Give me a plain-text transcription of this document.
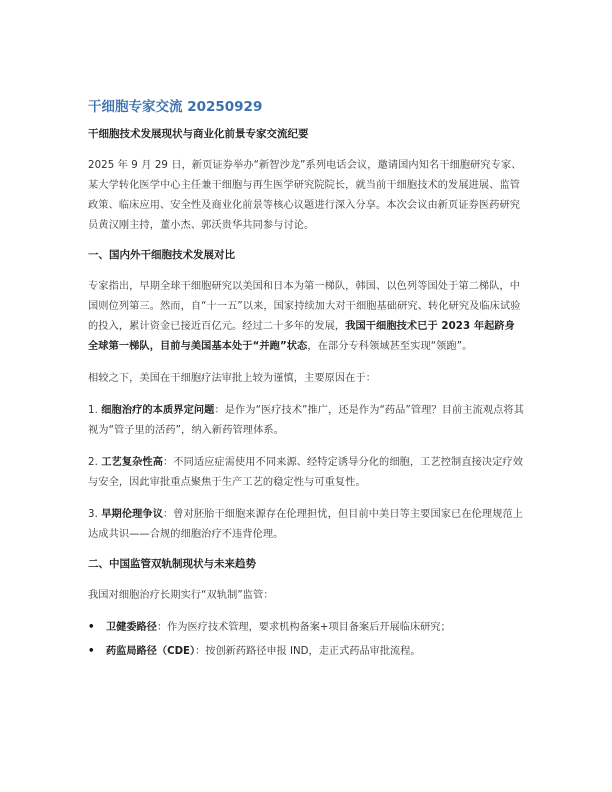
干细胞专家交流 20250929
干细胞技术发展现状与商业化前景专家交流纪要

2025 年 9 月 29 日，新页证券举办“新智沙龙”系列电话会议，邀请国内知名干细胞研究专家、某大学转化医学中心主任兼干细胞与再生医学研究院院长，就当前干细胞技术的发展进展、监管政策、临床应用、安全性及商业化前景等核心议题进行深入分享。本次会议由新页证券医药研究员黄汉刚主持，董小杰、郭沃贵华共同参与讨论。

一、国内外干细胞技术发展对比

专家指出，早期全球干细胞研究以美国和日本为第一梯队，韩国、以色列等国处于第二梯队，中国则位列第三。然而，自“十一五”以来，国家持续加大对干细胞基础研究、转化研究及临床试验的投入，累计资金已接近百亿元。经过二十多年的发展，我国干细胞技术已于 2023 年起跻身全球第一梯队，目前与美国基本处于“并跑”状态，在部分专科领域甚至实现“领跑”。

相较之下，美国在干细胞疗法审批上较为谨慎，主要原因在于：

1. 细胞治疗的本质界定问题：是作为“医疗技术”推广，还是作为“药品”管理？目前主流观点将其视为“管子里的活药”，纳入新药管理体系。

2. 工艺复杂性高：不同适应症需使用不同来源、经特定诱导分化的细胞，工艺控制直接决定疗效与安全，因此审批重点聚焦于生产工艺的稳定性与可重复性。

3. 早期伦理争议：曾对胚胎干细胞来源存在伦理担忧，但目前中美日等主要国家已在伦理规范上达成共识——合规的细胞治疗不违背伦理。

二、中国监管双轨制现状与未来趋势

我国对细胞治疗长期实行“双轨制”监管：

• 卫健委路径：作为医疗技术管理，要求机构备案+项目备案后开展临床研究；
• 药监局路径（CDE）：按创新药路径申报 IND，走正式药品审批流程。
